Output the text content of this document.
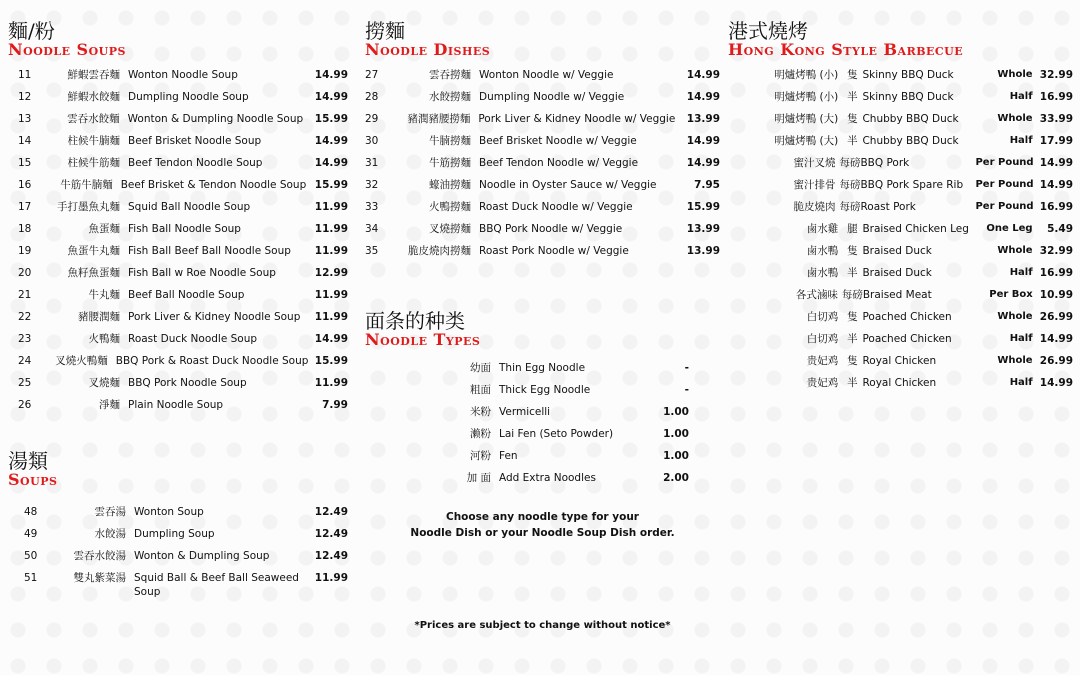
麵/粉
Noodle Soups
11	鮮蝦雲吞麵 Wonton Noodle Soup	14.99
12	鮮蝦水餃麵 Dumpling Noodle Soup	14.99
13	雲吞水餃麵 Wonton & Dumpling Noodle Soup	15.99
14	柱候牛腩麵 Beef Brisket Noodle Soup	14.99
15	柱候牛筋麵 Beef Tendon Noodle Soup	14.99
16	牛筋牛腩麵 Beef Brisket & Tendon Noodle Soup 15.99
17	手打墨魚丸麵 Squid Ball Noodle Soup	11.99
18	魚蛋麵 Fish Ball Noodle Soup	11.99
19	魚蛋牛丸麵 Fish Ball Beef Ball Noodle Soup	11.99
20	魚籽魚蛋麵 Fish Ball w Roe Noodle Soup	12.99
21	牛丸麵 Beef Ball Noodle Soup	11.99
22	豬腰潤麵 Pork Liver & Kidney Noodle Soup	11.99
23	火鴨麵 Roast Duck Noodle Soup	14.99
24	叉燒火鴨麵 BBQ Pork & Roast Duck Noodle Soup 15.99
25	叉燒麵 BBQ Pork Noodle Soup	11.99
26	淨麵 Plain Noodle Soup	7.99
湯類
Soups
48	雲吞湯 Wonton Soup	12.49
49	水餃湯 Dumpling Soup	12.49
50	雲吞水餃湯 Wonton & Dumpling Soup	12.49
51	雙丸紫菜湯 Squid Ball & Beef Ball Seaweed Soup
11.99
撈麵
Noodle Dishes
27	雲吞撈麵 Wonton Noodle w/ Veggie	14.99
28	水餃撈麵 Dumpling Noodle w/ Veggie	14.99
29	豬潤豬腰撈麵 Pork Liver & Kidney Noodle w/ Veggie	13.99
30	牛腩撈麵 Beef Brisket Noodle w/ Veggie	14.99
31	牛筋撈麵 Beef Tendon Noodle w/ Veggie	14.99
32	蠔油撈麵 Noodle in Oyster Sauce w/ Veggie	7.95
33	火鴨撈麵 Roast Duck Noodle w/ Veggie	15.99
34	叉燒撈麵 BBQ Pork Noodle w/ Veggie	13.99
35	脆皮燒肉撈麵 Roast Pork Noodle w/ Veggie	13.99
面条的种类
Noodle Types
幼面 Thin Egg Noodle	-
粗面 Thick Egg Noodle	-
米粉 Vermicelli	1.00
濑粉 Lai Fen (Seto Powder)	1.00
河粉 Fen	1.00
加 面 Add Extra Noodles	2.00
Choose any noodle type for your
Noodle Dish or your Noodle Soup Dish order.
港式燒烤
Hong Kong Style Barbecue
明爐烤鴨 (小) 隻 Skinny BBQ Duck	Whole 32.99
明爐烤鴨 (小) 半 Skinny BBQ Duck	Half 16.99
明爐烤鴨 (大) 隻 Chubby BBQ Duck	Whole 33.99
明爐烤鴨 (大) 半 Chubby BBQ Duck	Half 17.99
蜜汁叉燒 每磅 BBQ Pork	Per Pound 14.99
蜜汁排骨 每磅 BBQ Pork Spare Rib	Per Pound 14.99
脆皮燒肉 每磅 Roast Pork	Per Pound 16.99
鹵水雞 腿 Braised Chicken Leg	One Leg	5.49
鹵水鴨 隻 Braised Duck	Whole 32.99
鹵水鴨 半 Braised Duck	Half 16.99
各式滷味 每磅 Braised Meat	Per Box 10.99
白切鸡 隻 Poached Chicken	Whole 26.99
白切鸡 半 Poached Chicken	Half 14.99
贵妃鸡 隻 Royal Chicken	Whole 26.99
贵妃鸡 半 Royal Chicken	Half 14.99
*Prices are subject to change without notice*
